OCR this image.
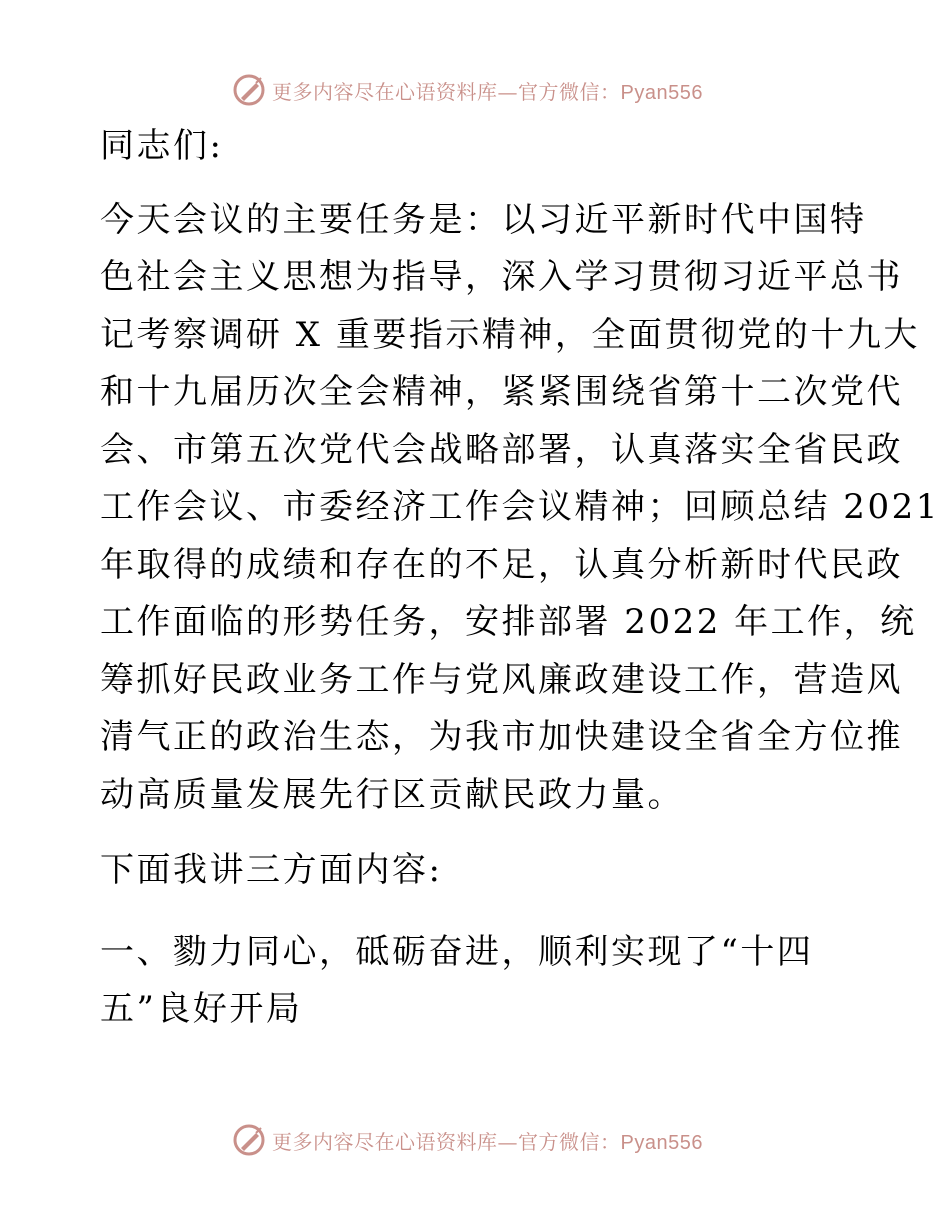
更多内容尽在心语资料库—官方微信：Pyan556
同志们:
今天会议的主要任务是：以习近平新时代中国特
色社会主义思想为指导，深入学习贯彻习近平总书
记考察调研 X 重要指示精神，全面贯彻党的十九大
和十九届历次全会精神，紧紧围绕省第十二次党代
会、市第五次党代会战略部署，认真落实全省民政
工作会议、市委经济工作会议精神；回顾总结 2021
年取得的成绩和存在的不足，认真分析新时代民政
工作面临的形势任务，安排部署 2022 年工作，统
筹抓好民政业务工作与党风廉政建设工作，营造风
清气正的政治生态，为我市加快建设全省全方位推
动高质量发展先行区贡献民政力量。
下面我讲三方面内容:
一、勠力同心，砥砺奋进，顺利实现了“十四
五”良好开局
更多内容尽在心语资料库—官方微信：Pyan556
